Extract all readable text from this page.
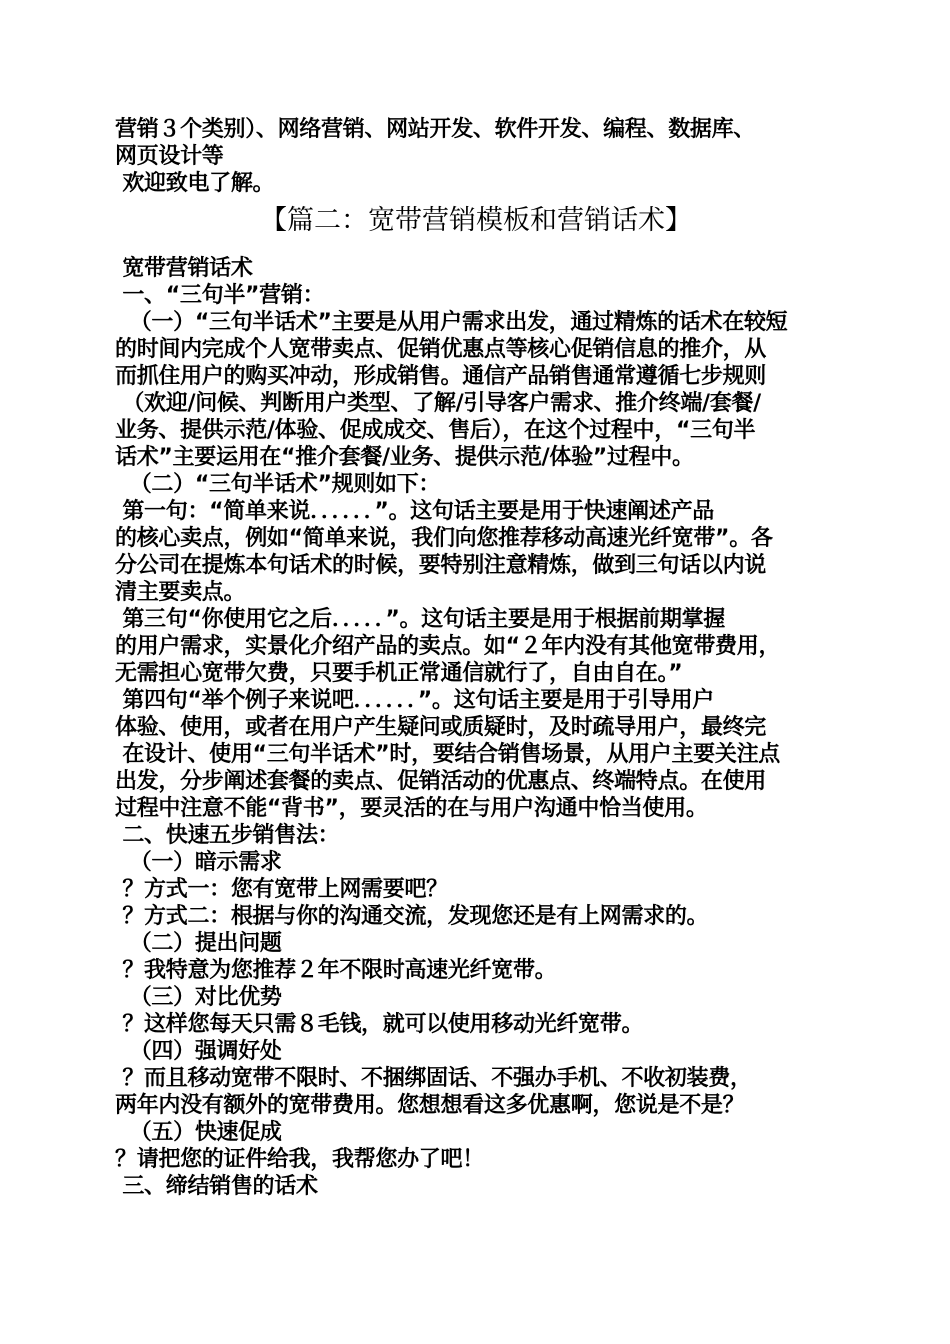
营销３个类别）、网络营销、网站开发、软件开发、编程、数据库、
网页设计等
欢迎致电了解。
【篇二：宽带营销模板和营销话术】
宽带营销话术
一、“三句半”营销：
（一）“三句半话术”主要是从用户需求出发，通过精炼的话术在较短
的时间内完成个人宽带卖点、促销优惠点等核心促销信息的推介，从
而抓住用户的购买冲动，形成销售。通信产品销售通常遵循七步规则
（欢迎/问候、判断用户类型、了解/引导客户需求、推介终端/套餐/
业务、提供示范/体验、促成成交、售后），在这个过程中，“三句半
话术”主要运用在“推介套餐/业务、提供示范/体验”过程中。
（二）“三句半话术”规则如下：
第一句：“简单来说．．．．．．”。这句话主要是用于快速阐述产品
的核心卖点，例如“简单来说，我们向您推荐移动高速光纤宽带”。各
分公司在提炼本句话术的时候，要特别注意精炼，做到三句话以内说
清主要卖点。
第三句“你使用它之后．．．．．”。这句话主要是用于根据前期掌握
的用户需求，实景化介绍产品的卖点。如“２年内没有其他宽带费用，
无需担心宽带欠费，只要手机正常通信就行了，自由自在。”
第四句“举个例子来说吧．．．．．．”。这句话主要是用于引导用户
体验、使用，或者在用户产生疑问或质疑时，及时疏导用户，最终完
在设计、使用“三句半话术”时，要结合销售场景，从用户主要关注点
出发，分步阐述套餐的卖点、促销活动的优惠点、终端特点。在使用
过程中注意不能“背书”，要灵活的在与用户沟通中恰当使用。
二、快速五步销售法：
（一）暗示需求
？方式一：您有宽带上网需要吧？
？方式二：根据与你的沟通交流，发现您还是有上网需求的。
（二）提出问题
？我特意为您推荐２年不限时高速光纤宽带。
（三）对比优势
？这样您每天只需８毛钱，就可以使用移动光纤宽带。
（四）强调好处
？而且移动宽带不限时、不捆绑固话、不强办手机、不收初装费，
两年内没有额外的宽带费用。您想想看这多优惠啊，您说是不是？
（五）快速促成
？请把您的证件给我，我帮您办了吧！
三、缔结销售的话术
